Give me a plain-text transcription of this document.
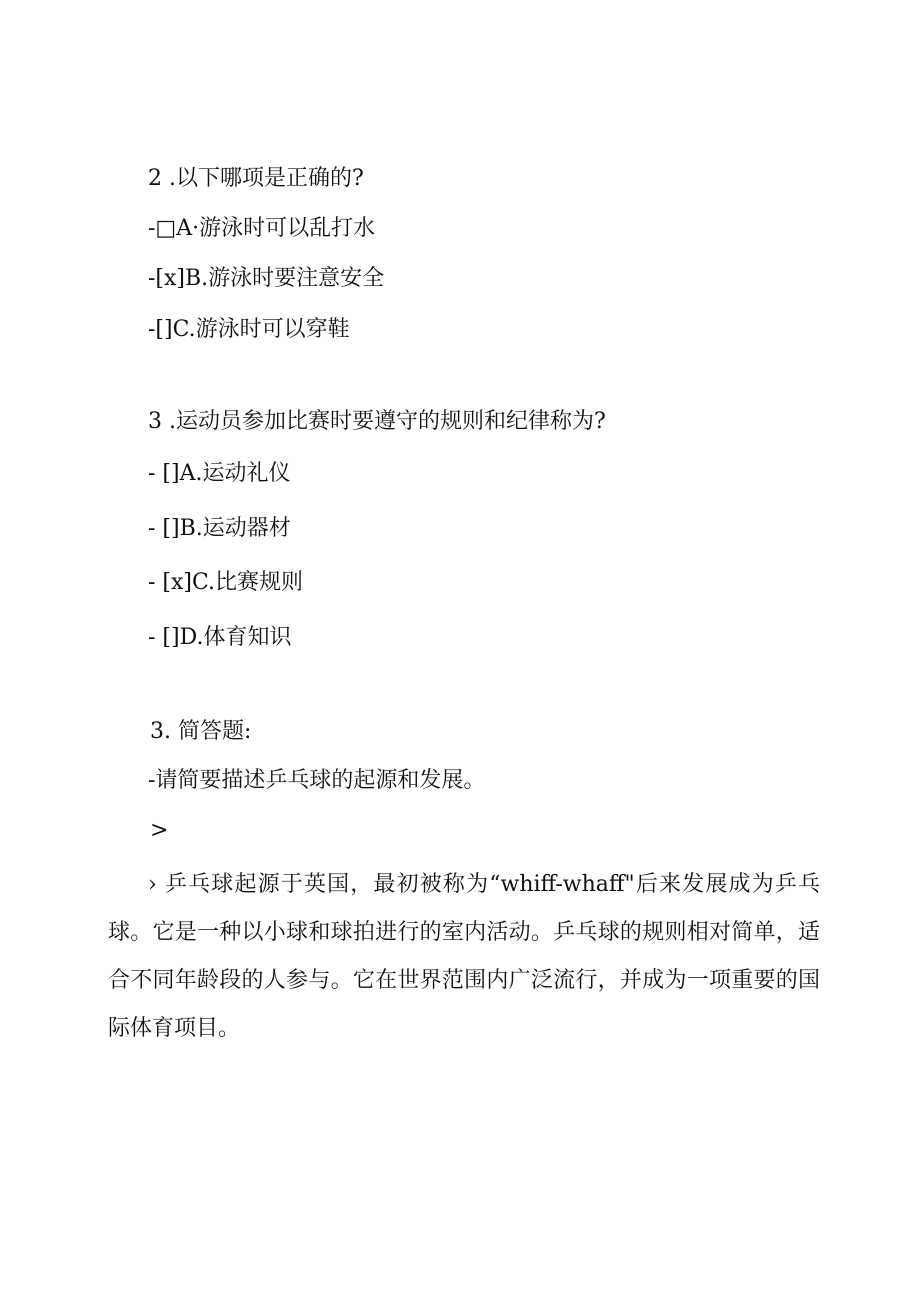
2 .以下哪项是正确的?
-□A·游泳时可以乱打水
-[x]B.游泳时要注意安全
-[]C.游泳时可以穿鞋
3 .运动员参加比赛时要遵守的规则和纪律称为?
- []A.运动礼仪
- []B.运动器材
- [x]C.比赛规则
- []D.体育知识
3. 简答题:
-请简要描述乒乓球的起源和发展。
>
› 乒乓球起源于英国，最初被称为“whiff-whaff"后来发展成为乒乓球。它是一种以小球和球拍进行的室内活动。乒乓球的规则相对简单，适合不同年龄段的人参与。它在世界范围内广泛流行，并成为一项重要的国际体育项目。
